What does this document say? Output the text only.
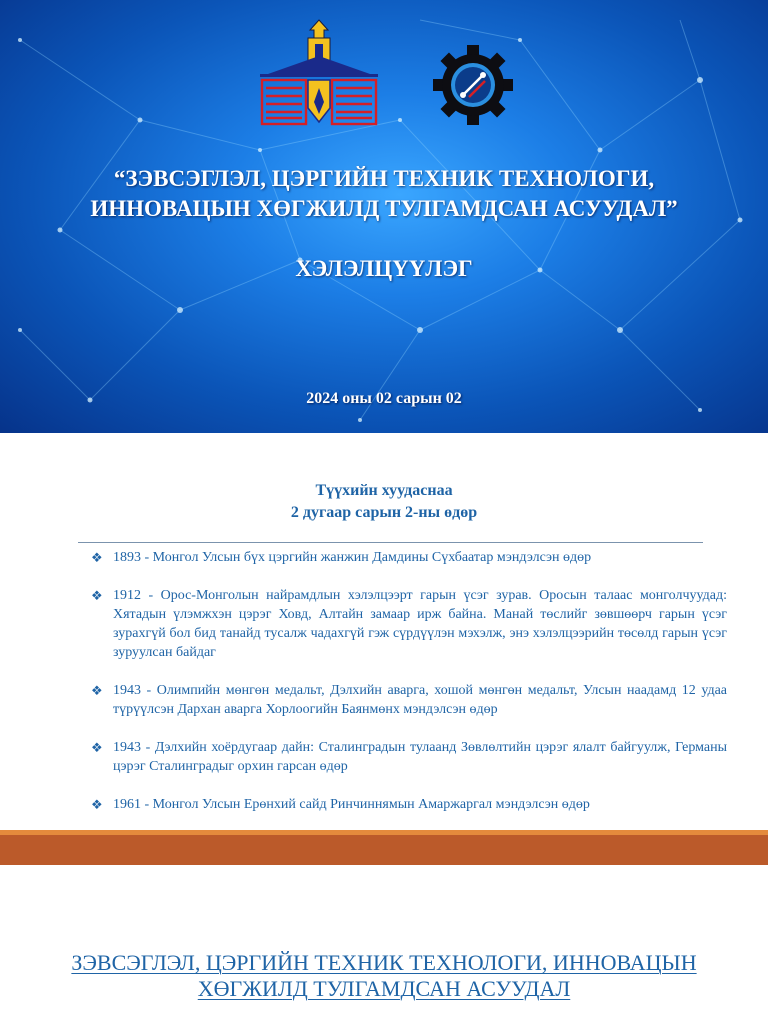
“ЗЭВСЭГЛЭЛ, ЦЭРГИЙН ТЕХНИК ТЕХНОЛОГИ,
ИННОВАЦЫН ХӨГЖИЛД ТУЛГАМДСАН АСУУДАЛ”
ХЭЛЭЛЦҮҮЛЭГ
2024 оны 02 сарын 02
Түүхийн хуудаснаа
2 дугаар сарын 2-ны өдөр
❖ 1893 - Монгол Улсын бүх цэргийн жанжин Дамдины Сүхбаатар мэндэлсэн өдөр
❖ 1912 - Орос-Монголын найрамдлын хэлэлцээрт гарын үсэг зурав. Оросын талаас монголчуудад: Хятадын үлэмжхэн цэрэг Ховд, Алтайн замаар ирж байна. Манай төслийг зөвшөөрч гарын үсэг зурахгүй бол бид танайд тусалж чадахгүй гэж сүрдүүлэн мэхэлж, энэ хэлэлцээрийн төсөлд гарын үсэг зуруулсан байдаг
❖ 1943 - Олимпийн мөнгөн медальт, Дэлхийн аварга, хошой мөнгөн медальт, Улсын наадамд 12 удаа түрүүлсэн Дархан аварга Хорлоогийн Баянмөнх мэндэлсэн өдөр
❖ 1943 - Дэлхийн хоёрдугаар дайн: Сталинградын тулаанд Зөвлөлтийн цэрэг ялалт байгуулж, Германы цэрэг Сталинградыг орхин гарсан өдөр
❖ 1961 - Монгол Улсын Ерөнхий сайд Ринчиннямын Амаржаргал мэндэлсэн өдөр
ЗЭВСЭГЛЭЛ, ЦЭРГИЙН ТЕХНИК ТЕХНОЛОГИ, ИННОВАЦЫН
ХӨГЖИЛД ТУЛГАМДСАН АСУУДАЛ
